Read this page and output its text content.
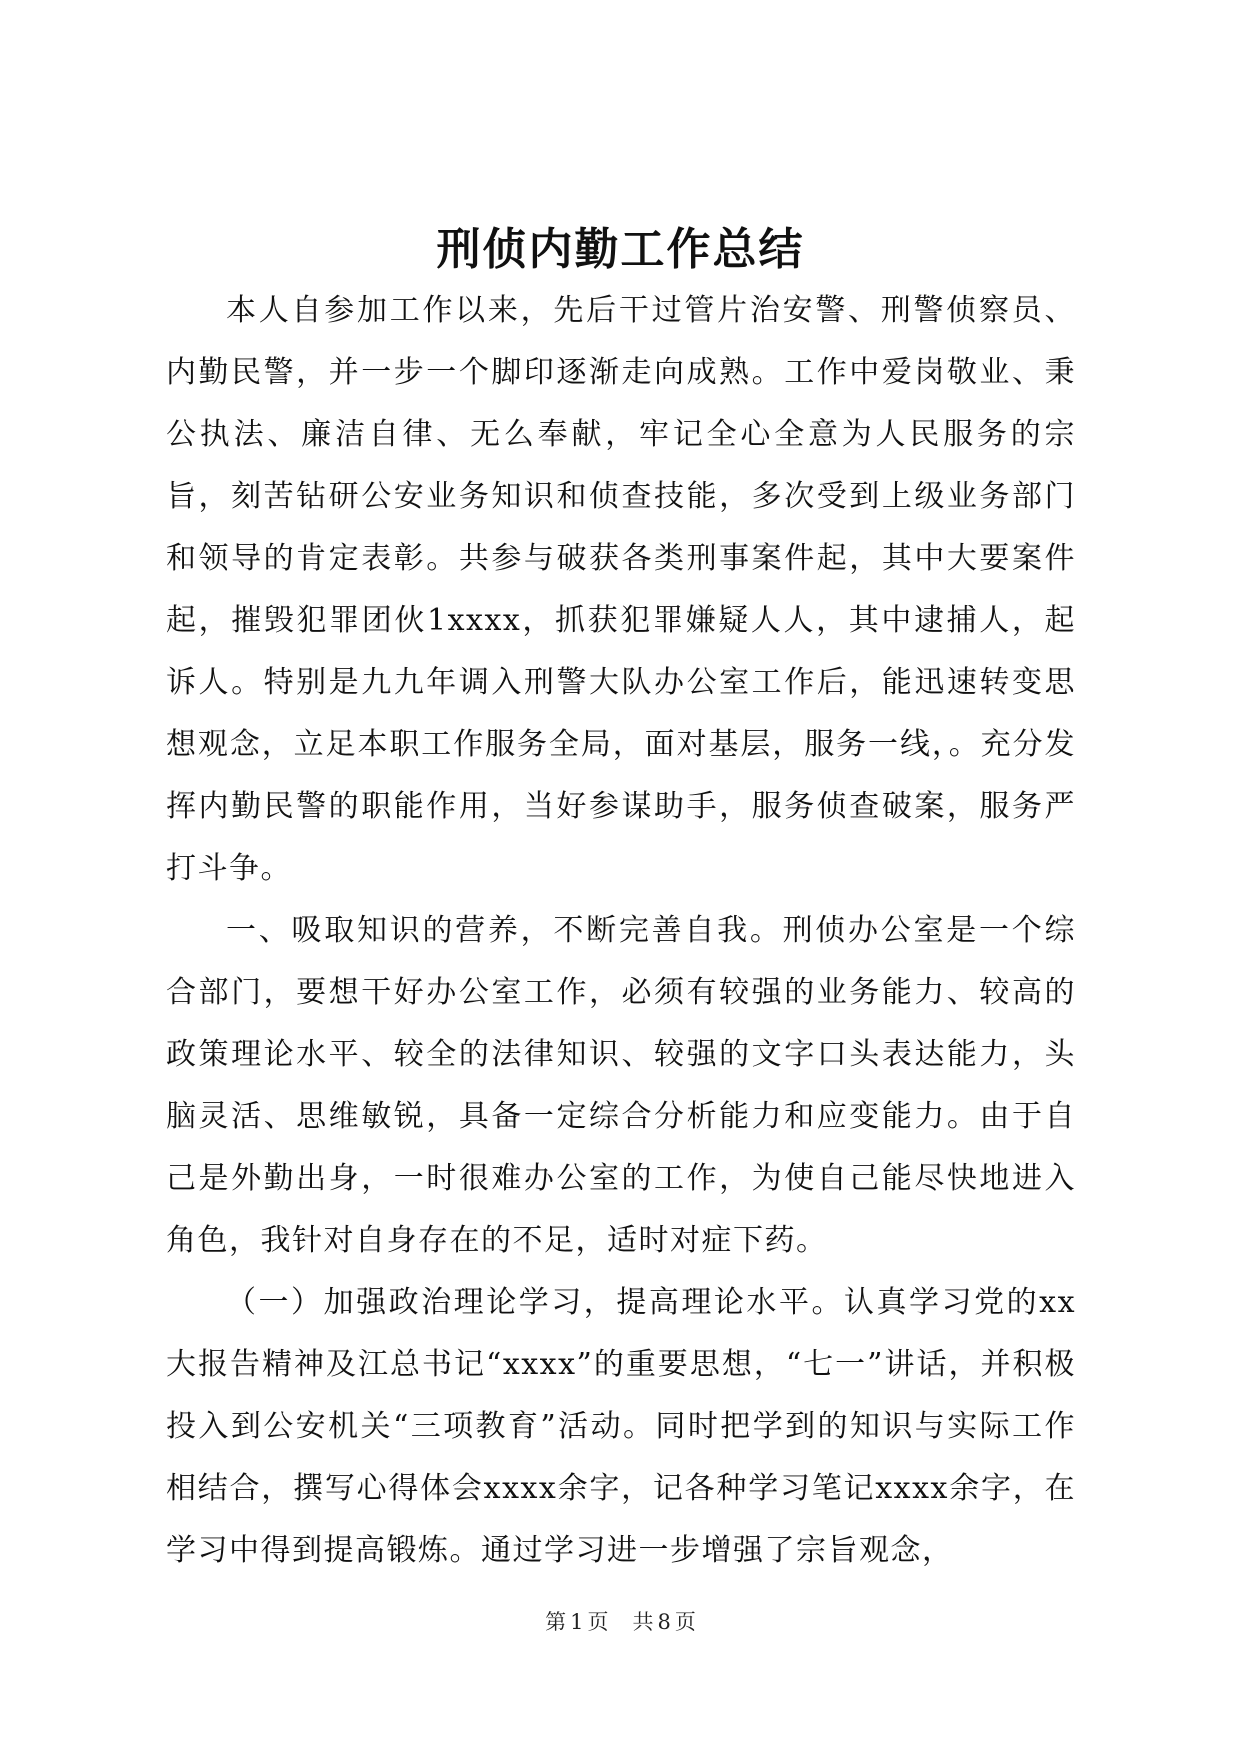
刑侦内勤工作总结

本人自参加工作以来，先后干过管片治安警、刑警侦察员、内勤民警，并一步一个脚印逐渐走向成熟。工作中爱岗敬业、秉公执法、廉洁自律、无么奉献，牢记全心全意为人民服务的宗旨，刻苦钻研公安业务知识和侦查技能，多次受到上级业务部门和领导的肯定表彰。共参与破获各类刑事案件起，其中大要案件起，摧毁犯罪团伙1xxxx，抓获犯罪嫌疑人人，其中逮捕人，起诉人。特别是九九年调入刑警大队办公室工作后，能迅速转变思想观念，立足本职工作服务全局，面对基层，服务一线，。充分发挥内勤民警的职能作用，当好参谋助手，服务侦查破案，服务严打斗争。

一、吸取知识的营养，不断完善自我。刑侦办公室是一个综合部门，要想干好办公室工作，必须有较强的业务能力、较高的政策理论水平、较全的法律知识、较强的文字口头表达能力，头脑灵活、思维敏锐，具备一定综合分析能力和应变能力。由于自己是外勤出身，一时很难办公室的工作，为使自己能尽快地进入角色，我针对自身存在的不足，适时对症下药。

（一）加强政治理论学习，提高理论水平。认真学习党的xx大报告精神及江总书记“xxxx”的重要思想，“七一”讲话，并积极投入到公安机关“三项教育”活动。同时把学到的知识与实际工作相结合，撰写心得体会xxxx余字，记各种学习笔记xxxx余字，在学习中得到提高锻炼。通过学习进一步增强了宗旨观念，

第 1 页 共 8 页
